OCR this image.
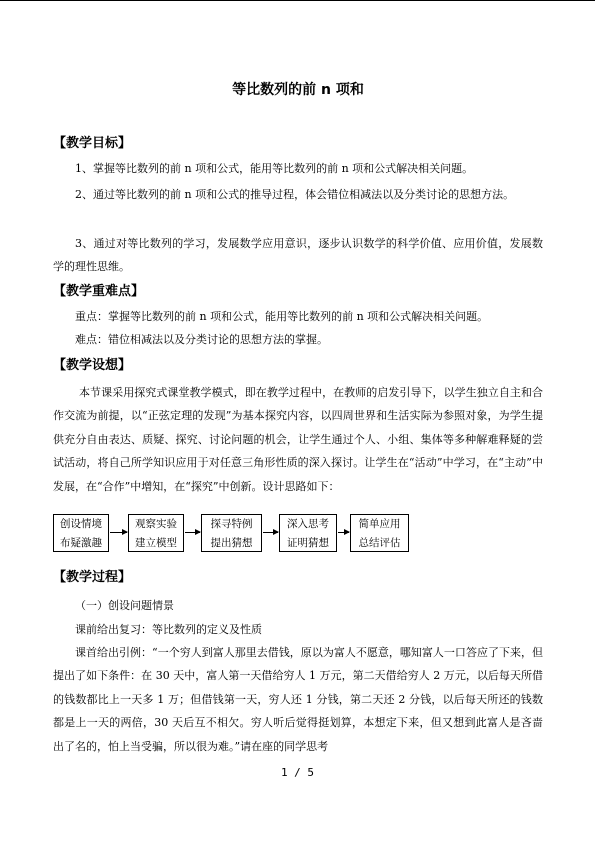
等比数列的前 n 项和
【教学目标】
1、掌握等比数列的前 n 项和公式，能用等比数列的前 n 项和公式解决相关问题。
2、通过等比数列的前 n 项和公式的推导过程，体会错位相减法以及分类讨论的思想方法。
3、通过对等比数列的学习，发展数学应用意识，逐步认识数学的科学价值、应用价值，发展数学的理性思维。
【教学重难点】
重点：掌握等比数列的前 n 项和公式，能用等比数列的前 n 项和公式解决相关问题。
难点：错位相减法以及分类讨论的思想方法的掌握。
【教学设想】
本节课采用探究式课堂教学模式，即在教学过程中，在教师的启发引导下，以学生独立自主和合作交流为前提，以“正弦定理的发现”为基本探究内容，以四周世界和生活实际为参照对象，为学生提供充分自由表达、质疑、探究、讨论问题的机会，让学生通过个人、小组、集体等多种解难释疑的尝试活动，将自己所学知识应用于对任意三角形性质的深入探讨。让学生在“活动”中学习，在“主动”中发展，在“合作”中增知，在“探究”中创新。设计思路如下：
创设情境
布疑激趣
观察实验
建立模型
探寻特例
提出猜想
深入思考
证明猜想
简单应用
总结评估
【教学过程】
（一）创设问题情景
课前给出复习：等比数列的定义及性质
课首给出引例：“一个穷人到富人那里去借钱，原以为富人不愿意，哪知富人一口答应了下来，但提出了如下条件：在 30 天中，富人第一天借给穷人 1 万元，第二天借给穷人 2 万元，以后每天所借的钱数都比上一天多 1 万；但借钱第一天，穷人还 1 分钱，第二天还 2 分钱，以后每天所还的钱数都是上一天的两倍，30 天后互不相欠。穷人听后觉得挺划算，本想定下来，但又想到此富人是吝啬出了名的，怕上当受骗，所以很为难。”请在座的同学思考
1 / 5
